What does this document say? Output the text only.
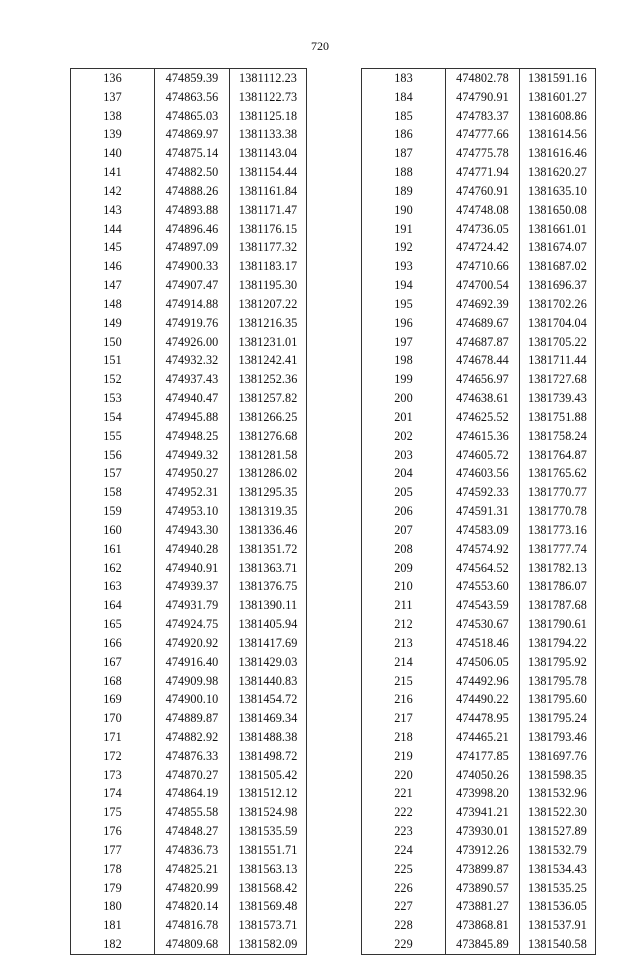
720
136	474859.39	1381112.23
137	474863.56	1381122.73
138	474865.03	1381125.18
139	474869.97	1381133.38
140	474875.14	1381143.04
141	474882.50	1381154.44
142	474888.26	1381161.84
143	474893.88	1381171.47
144	474896.46	1381176.15
145	474897.09	1381177.32
146	474900.33	1381183.17
147	474907.47	1381195.30
148	474914.88	1381207.22
149	474919.76	1381216.35
150	474926.00	1381231.01
151	474932.32	1381242.41
152	474937.43	1381252.36
153	474940.47	1381257.82
154	474945.88	1381266.25
155	474948.25	1381276.68
156	474949.32	1381281.58
157	474950.27	1381286.02
158	474952.31	1381295.35
159	474953.10	1381319.35
160	474943.30	1381336.46
161	474940.28	1381351.72
162	474940.91	1381363.71
163	474939.37	1381376.75
164	474931.79	1381390.11
165	474924.75	1381405.94
166	474920.92	1381417.69
167	474916.40	1381429.03
168	474909.98	1381440.83
169	474900.10	1381454.72
170	474889.87	1381469.34
171	474882.92	1381488.38
172	474876.33	1381498.72
173	474870.27	1381505.42
174	474864.19	1381512.12
175	474855.58	1381524.98
176	474848.27	1381535.59
177	474836.73	1381551.71
178	474825.21	1381563.13
179	474820.99	1381568.42
180	474820.14	1381569.48
181	474816.78	1381573.71
182	474809.68	1381582.09
183	474802.78	1381591.16
184	474790.91	1381601.27
185	474783.37	1381608.86
186	474777.66	1381614.56
187	474775.78	1381616.46
188	474771.94	1381620.27
189	474760.91	1381635.10
190	474748.08	1381650.08
191	474736.05	1381661.01
192	474724.42	1381674.07
193	474710.66	1381687.02
194	474700.54	1381696.37
195	474692.39	1381702.26
196	474689.67	1381704.04
197	474687.87	1381705.22
198	474678.44	1381711.44
199	474656.97	1381727.68
200	474638.61	1381739.43
201	474625.52	1381751.88
202	474615.36	1381758.24
203	474605.72	1381764.87
204	474603.56	1381765.62
205	474592.33	1381770.77
206	474591.31	1381770.78
207	474583.09	1381773.16
208	474574.92	1381777.74
209	474564.52	1381782.13
210	474553.60	1381786.07
211	474543.59	1381787.68
212	474530.67	1381790.61
213	474518.46	1381794.22
214	474506.05	1381795.92
215	474492.96	1381795.78
216	474490.22	1381795.60
217	474478.95	1381795.24
218	474465.21	1381793.46
219	474177.85	1381697.76
220	474050.26	1381598.35
221	473998.20	1381532.96
222	473941.21	1381522.30
223	473930.01	1381527.89
224	473912.26	1381532.79
225	473899.87	1381534.43
226	473890.57	1381535.25
227	473881.27	1381536.05
228	473868.81	1381537.91
229	473845.89	1381540.58
